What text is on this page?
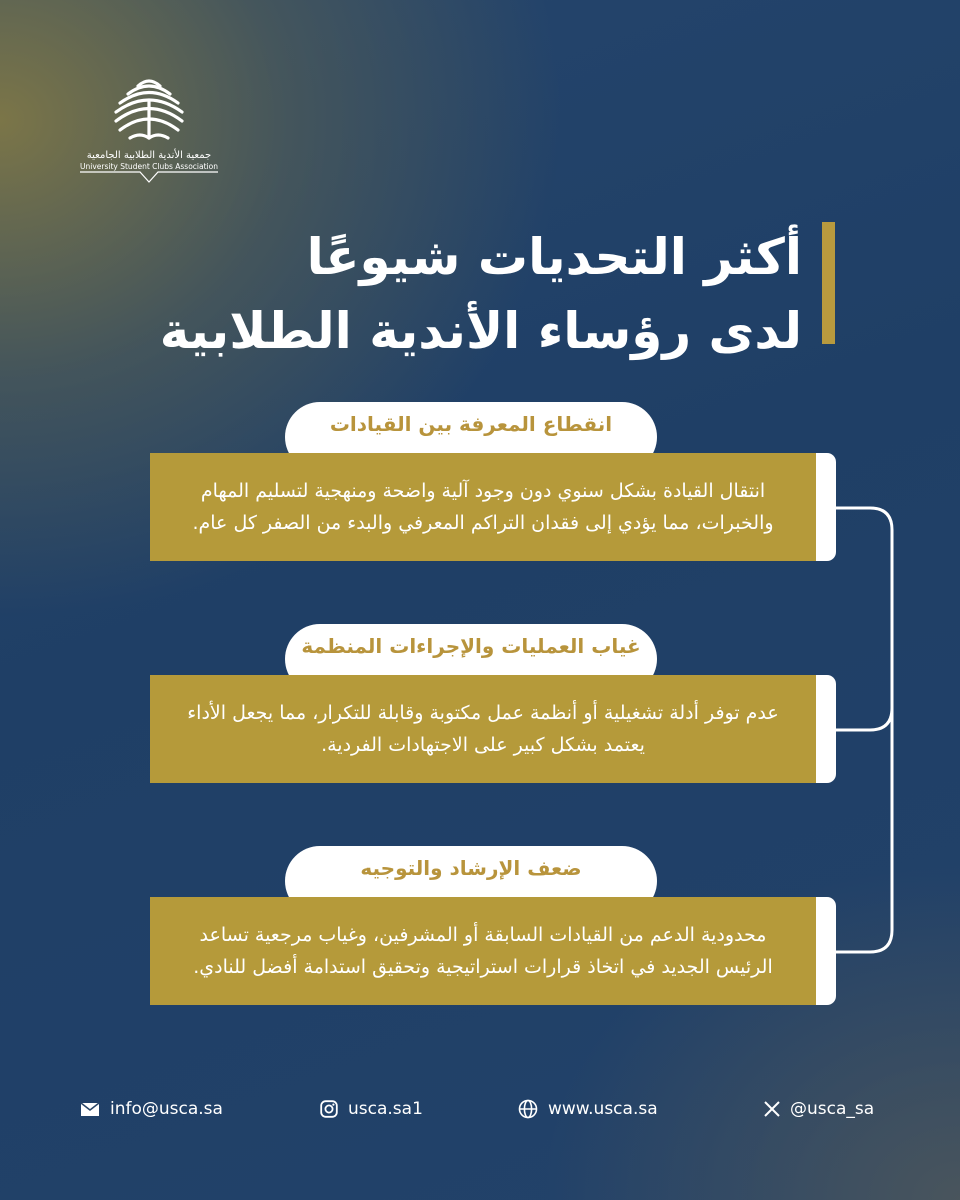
جمعية الأندية الطلابية الجامعية
University Student Clubs Association
أكثر التحديات شيوعًا
لدى رؤساء الأندية الطلابية
انقطاع المعرفة بين القيادات
انتقال القيادة بشكل سنوي دون وجود آلية واضحة ومنهجية لتسليم المهام والخبرات، مما يؤدي إلى فقدان التراكم المعرفي والبدء من الصفر كل عام.
غياب العمليات والإجراءات المنظمة
عدم توفر أدلة تشغيلية أو أنظمة عمل مكتوبة وقابلة للتكرار، مما يجعل الأداء يعتمد بشكل كبير على الاجتهادات الفردية.
ضعف الإرشاد والتوجيه
محدودية الدعم من القيادات السابقة أو المشرفين، وغياب مرجعية تساعد الرئيس الجديد في اتخاذ قرارات استراتيجية وتحقيق استدامة أفضل للنادي.
info@usca.sa	usca.sa1	www.usca.sa	@usca_sa
